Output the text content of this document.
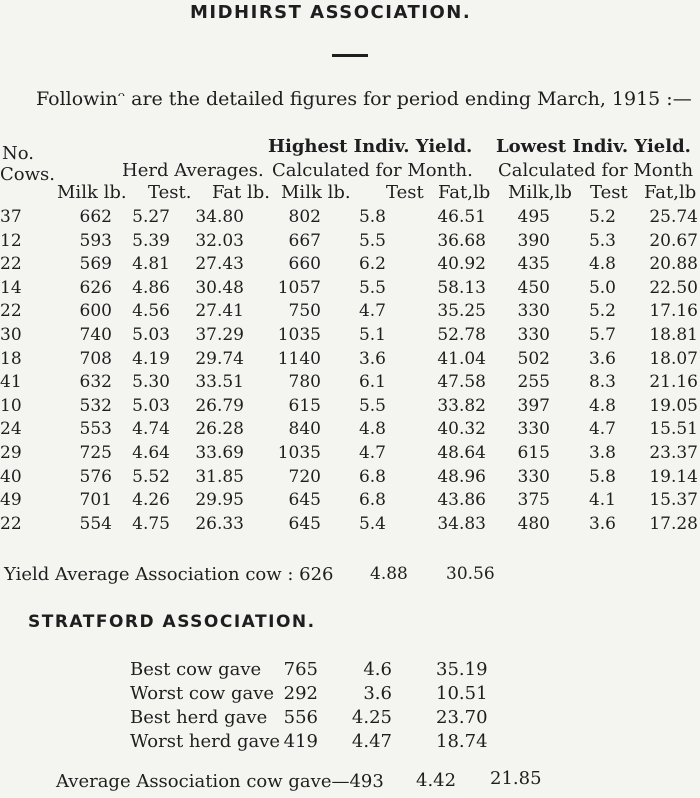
MIDHIRST ASSOCIATION.
Followinᵔ are the detailed figures for period ending March, 1915 :—
No.
Cows.
Highest Indiv. Yield. Lowest Indiv. Yield.
Herd Averages. Calculated for Month. Calculated for Month
Milk lb. Test. Fat lb. Milk lb. Test Fat,lb Milk,lb Test Fat,lb
37	662 5.27 34.80	802 5.8	46.51 495 5.2 25.74
12	593 5.39 32.03	667 5.5	36.68 390 5.3 20.67
22	569 4.81 27.43	660 6.2	40.92 435 4.8 20.88
14	626 4.86 30.48 1057 5.5	58.13 450 5.0 22.50
22	600 4.56 27.41	750 4.7	35.25 330 5.2 17.16
30	740 5.03 37.29 1035 5.1	52.78 330 5.7 18.81
18	708 4.19 29.74 1140 3.6	41.04 502 3.6 18.07
41	632 5.30 33.51	780 6.1	47.58 255 8.3 21.16
10	532 5.03 26.79	615 5.5	33.82 397 4.8 19.05
24	553 4.74 26.28	840 4.8	40.32 330 4.7 15.51
29	725 4.64 33.69 1035 4.7	48.64 615 3.8 23.37
40	576 5.52 31.85	720 6.8	48.96 330 5.8 19.14
49	701 4.26 29.95	645 6.8	43.86 375 4.1 15.37
22	554 4.75 26.33	645 5.4	34.83 480 3.6 17.28
Yield Average Association cow : 626 4.88 30.56
STRATFORD ASSOCIATION.
Best cow gave 765	4.6 35.19
Worst cow gave 292	3.6 10.51
Best herd gave 556 4.25 23.70
Worst herd gave 419 4.47 18.74
Average Association cow gave—493 4.42 21.85
